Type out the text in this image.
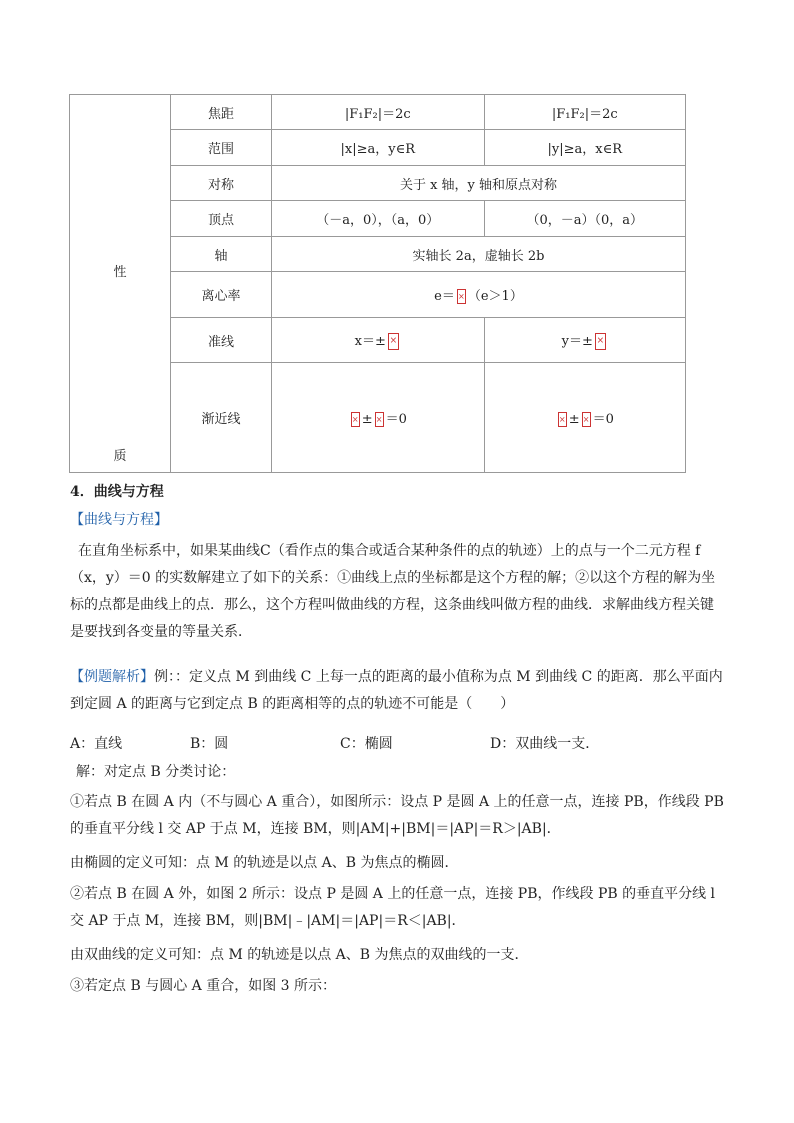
性
质	焦距	|F₁F₂|＝2c	|F₁F₂|＝2c
	范围	|x|≥a，y∈R	|y|≥a，x∈R
	对称	关于 x 轴，y 轴和原点对称	
	顶点	（－a，0），（a，0）	（0，－a）（0，a）
	轴	实轴长 2a，虚轴长 2b	
	离心率	e＝ × （e＞1）	
	准线	x＝± ×	y＝± ×
	渐近线	× ± × ＝0	× ± × ＝0
4．曲线与方程
【曲线与方程】
在直角坐标系中，如果某曲线C（看作点的集合或适合某种条件的点的轨迹）上的点与一个二元方程 f（x，y）＝0 的实数解建立了如下的关系：①曲线上点的坐标都是这个方程的解；②以这个方程的解为坐标的点都是曲线上的点．那么，这个方程叫做曲线的方程，这条曲线叫做方程的曲线．求解曲线方程关键是要找到各变量的等量关系．
【例题解析】例：：定义点 M 到曲线 C 上每一点的距离的最小值称为点 M 到曲线 C 的距离．那么平面内到定圆 A 的距离与它到定点 B 的距离相等的点的轨迹不可能是（　　）
A：直线	B：圆	C：椭圆	D：双曲线一支．
解：对定点 B 分类讨论：
①若点 B 在圆 A 内（不与圆心 A 重合），如图所示：设点 P 是圆 A 上的任意一点，连接 PB，作线段 PB 的垂直平分线 l 交 AP 于点 M，连接 BM，则|AM|+|BM|＝|AP|＝R＞|AB|．
由椭圆的定义可知：点 M 的轨迹是以点 A、B 为焦点的椭圆．
②若点 B 在圆 A 外，如图 2 所示：设点 P 是圆 A 上的任意一点，连接 PB，作线段 PB 的垂直平分线 l 交 AP 于点 M，连接 BM，则|BM|﹣|AM|＝|AP|＝R＜|AB|．
由双曲线的定义可知：点 M 的轨迹是以点 A、B 为焦点的双曲线的一支．
③若定点 B 与圆心 A 重合，如图 3 所示：
